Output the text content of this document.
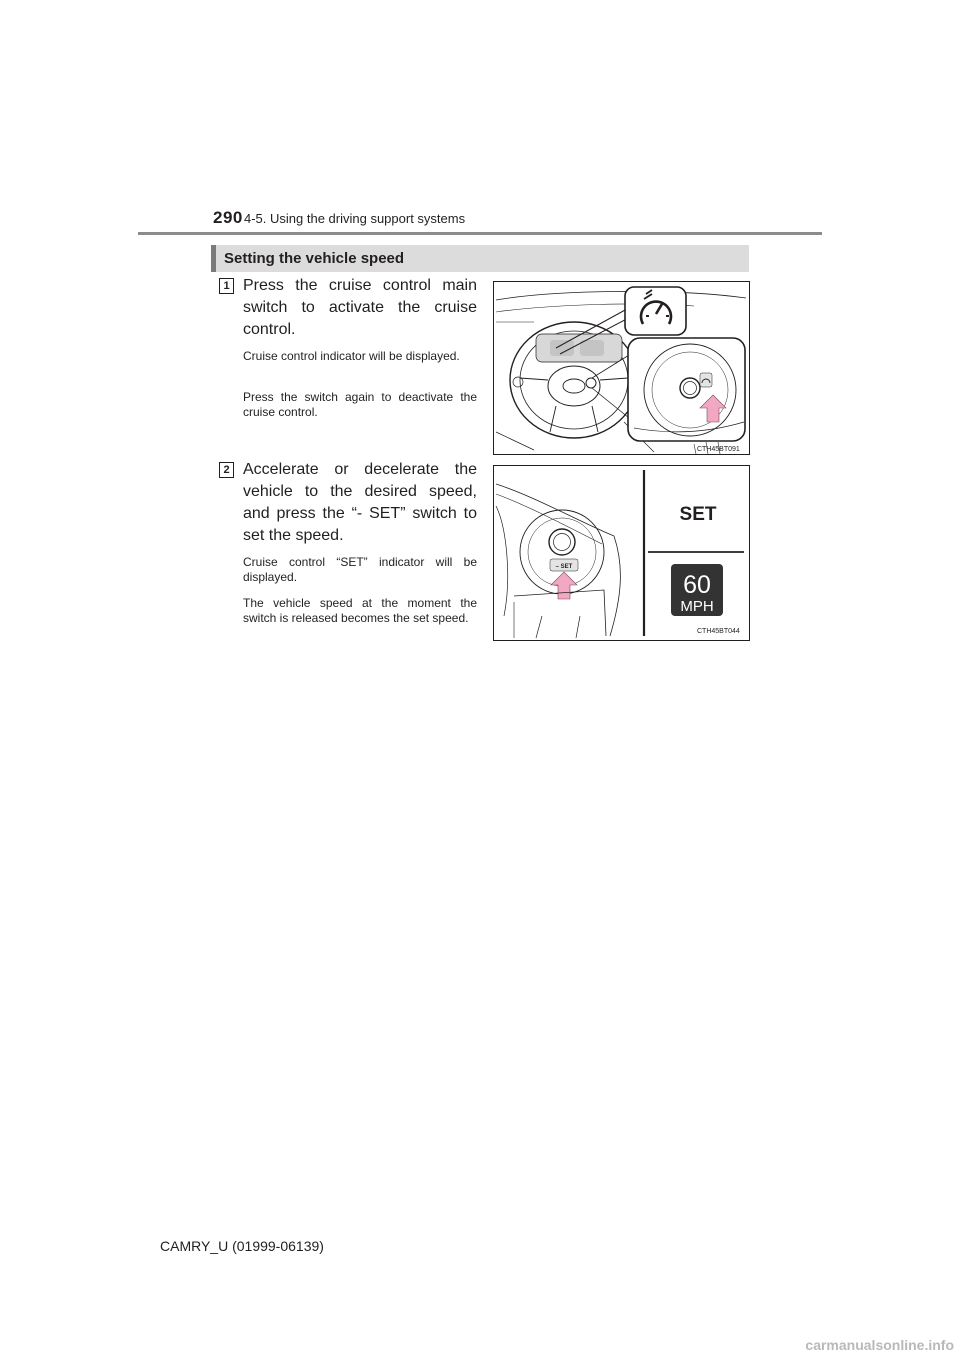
290 4-5. Using the driving support systems
Setting the vehicle speed
1 Press the cruise control main switch to activate the cruise control.
Cruise control indicator will be displayed.
Press the switch again to deactivate the cruise control.
CTH45BT091
2 Accelerate or decelerate the vehicle to the desired speed, and press the “- SET” switch to set the speed.
Cruise control “SET” indicator will be displayed.
The vehicle speed at the moment the switch is released becomes the set speed.
– SET
SET
60
MPH
CTH45BT044
CAMRY_U (01999-06139)
carmanualsonline.info
